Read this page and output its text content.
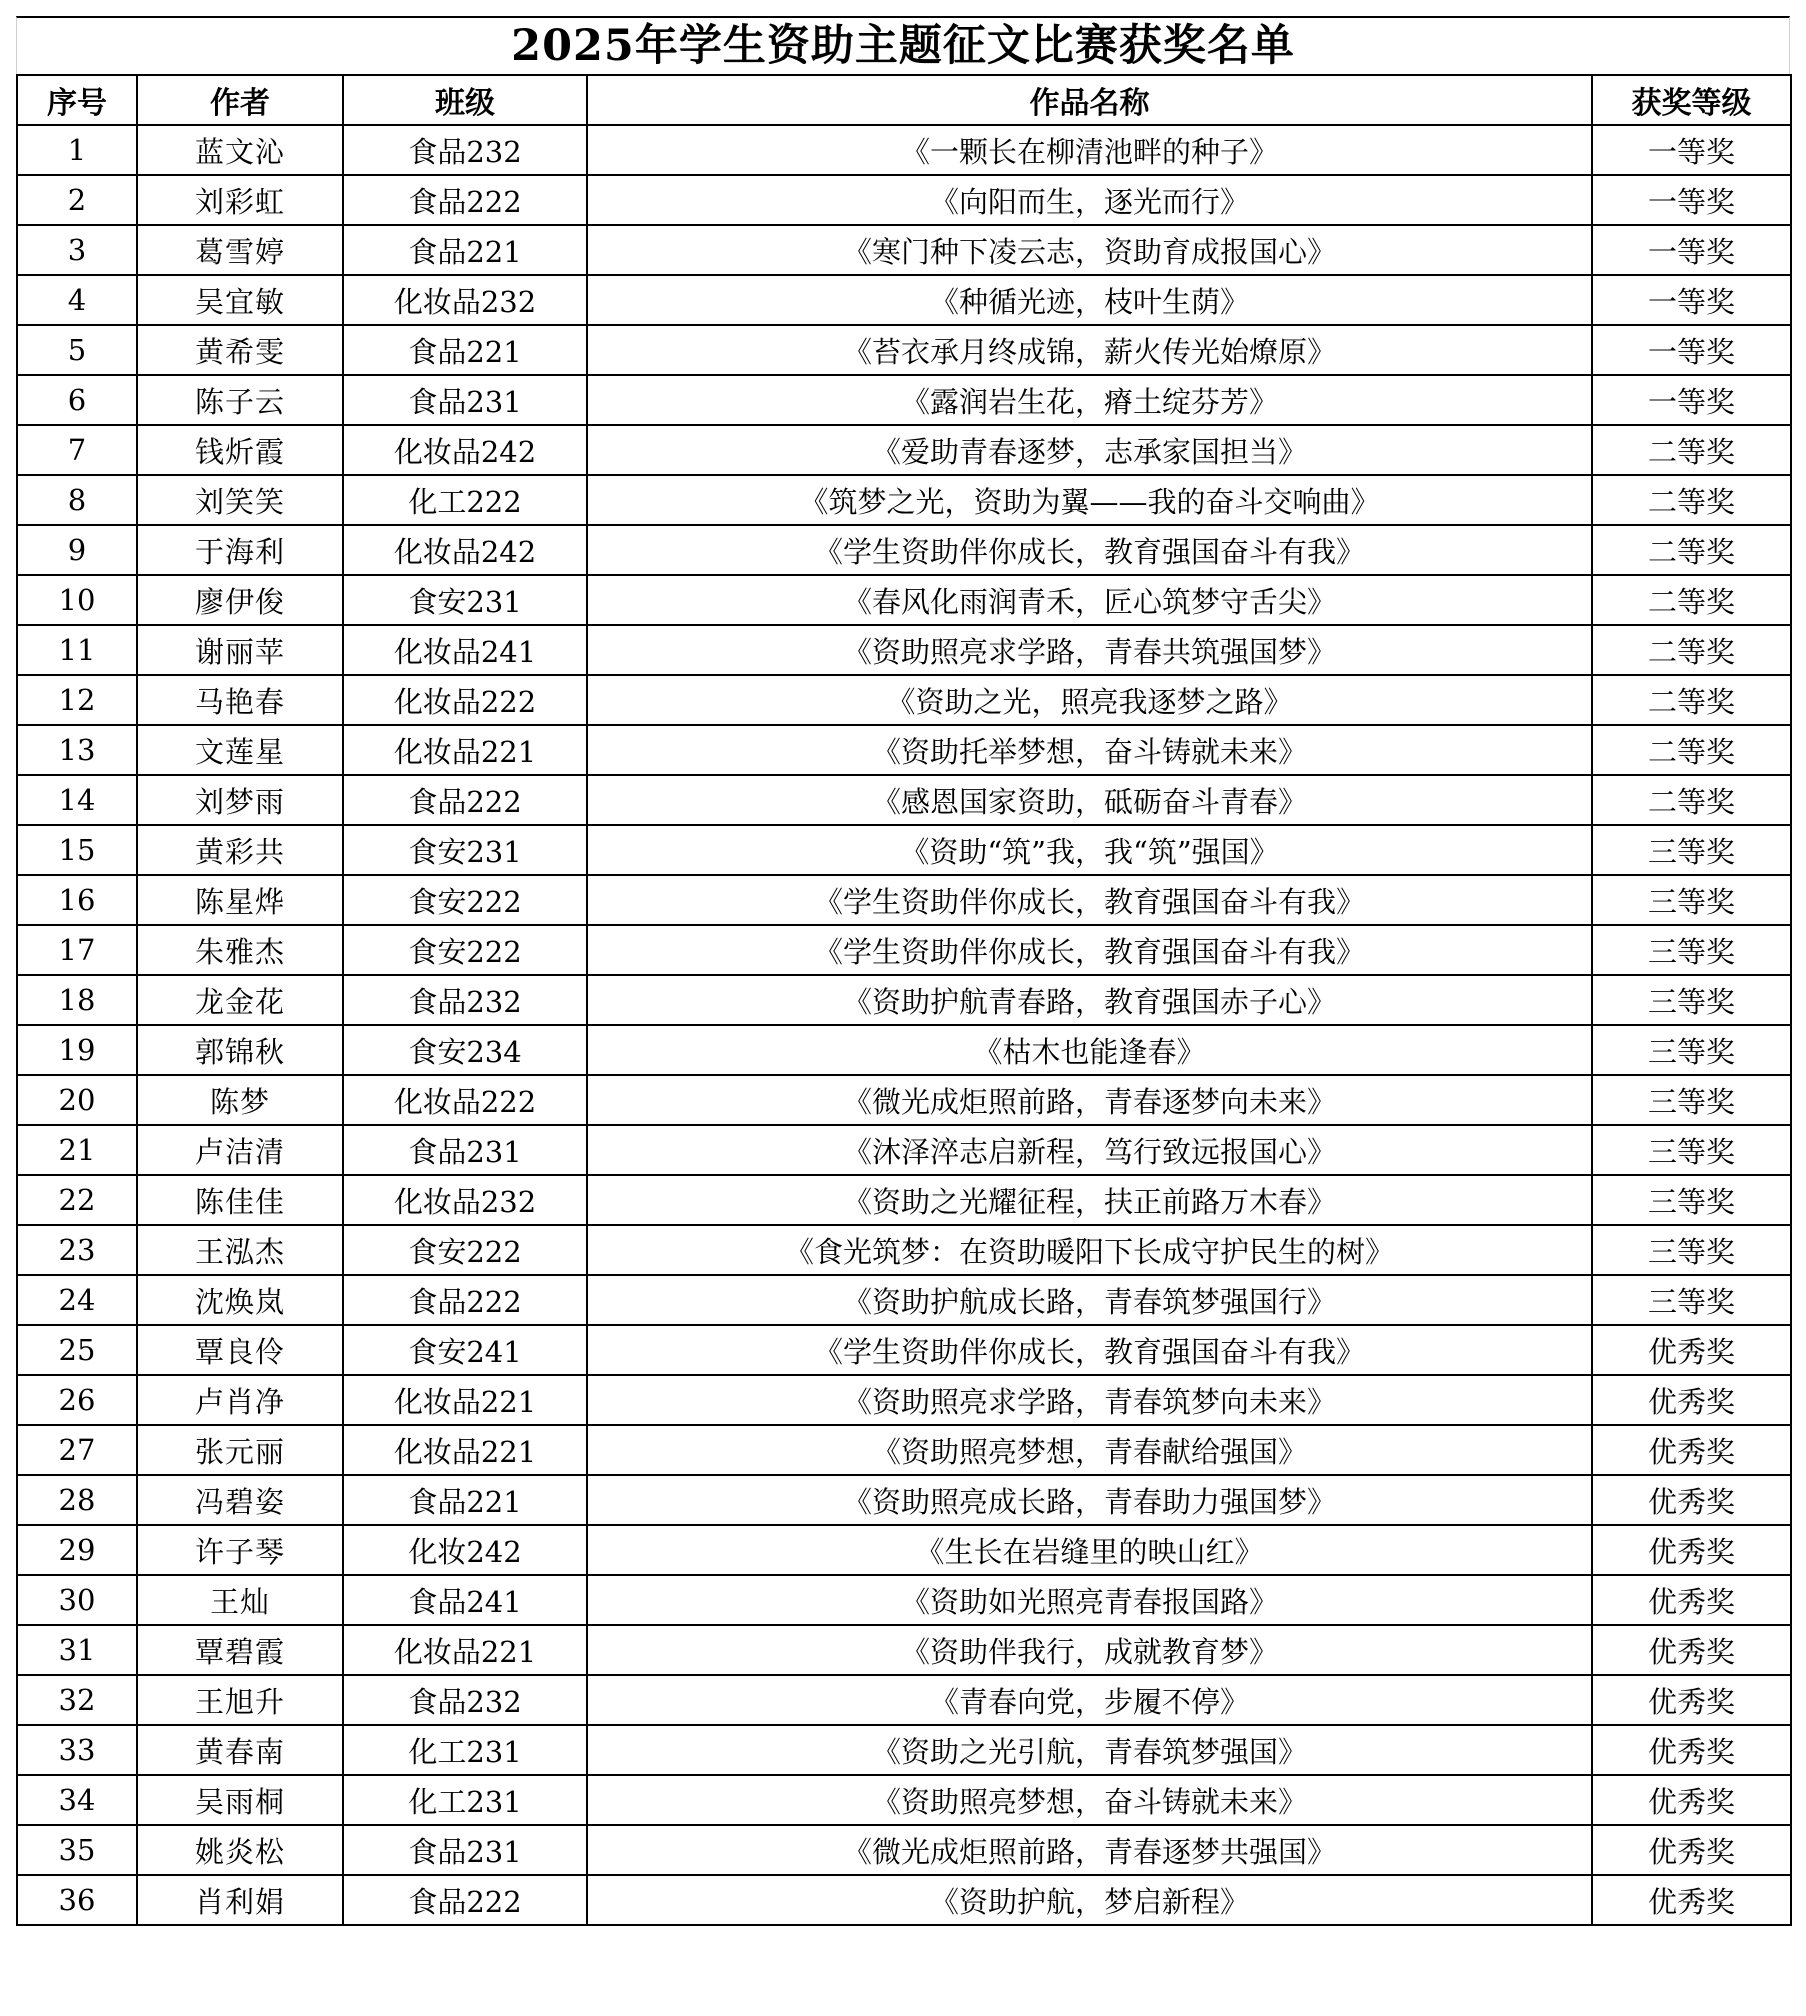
2025年学生资助主题征文比赛获奖名单
序号	作者	班级	作品名称	获奖等级
1	蓝文沁	食品232	《一颗长在柳清池畔的种子》	一等奖
2	刘彩虹	食品222	《向阳而生，逐光而行》	一等奖
3	葛雪婷	食品221	《寒门种下凌云志，资助育成报国心》	一等奖
4	吴宜敏	化妆品232	《种循光迹，枝叶生荫》	一等奖
5	黄希雯	食品221	《苔衣承月终成锦，薪火传光始燎原》	一等奖
6	陈子云	食品231	《露润岩生花，瘠土绽芬芳》	一等奖
7	钱炘霞	化妆品242	《爱助青春逐梦，志承家国担当》	二等奖
8	刘笑笑	化工222	《筑梦之光，资助为翼——我的奋斗交响曲》	二等奖
9	于海利	化妆品242	《学生资助伴你成长，教育强国奋斗有我》	二等奖
10	廖伊俊	食安231	《春风化雨润青禾，匠心筑梦守舌尖》	二等奖
11	谢丽苹	化妆品241	《资助照亮求学路，青春共筑强国梦》	二等奖
12	马艳春	化妆品222	《资助之光，照亮我逐梦之路》	二等奖
13	文莲星	化妆品221	《资助托举梦想，奋斗铸就未来》	二等奖
14	刘梦雨	食品222	《感恩国家资助，砥砺奋斗青春》	二等奖
15	黄彩共	食安231	《资助“筑”我，我“筑”强国》	三等奖
16	陈星烨	食安222	《学生资助伴你成长，教育强国奋斗有我》	三等奖
17	朱雅杰	食安222	《学生资助伴你成长，教育强国奋斗有我》	三等奖
18	龙金花	食品232	《资助护航青春路，教育强国赤子心》	三等奖
19	郭锦秋	食安234	《枯木也能逢春》	三等奖
20	陈梦	化妆品222	《微光成炬照前路，青春逐梦向未来》	三等奖
21	卢洁清	食品231	《沐泽淬志启新程，笃行致远报国心》	三等奖
22	陈佳佳	化妆品232	《资助之光耀征程，扶正前路万木春》	三等奖
23	王泓杰	食安222	《食光筑梦：在资助暖阳下长成守护民生的树》	三等奖
24	沈焕岚	食品222	《资助护航成长路，青春筑梦强国行》	三等奖
25	覃良伶	食安241	《学生资助伴你成长，教育强国奋斗有我》	优秀奖
26	卢肖净	化妆品221	《资助照亮求学路，青春筑梦向未来》	优秀奖
27	张元丽	化妆品221	《资助照亮梦想，青春献给强国》	优秀奖
28	冯碧姿	食品221	《资助照亮成长路，青春助力强国梦》	优秀奖
29	许子琴	化妆242	《生长在岩缝里的映山红》	优秀奖
30	王灿	食品241	《资助如光照亮青春报国路》	优秀奖
31	覃碧霞	化妆品221	《资助伴我行，成就教育梦》	优秀奖
32	王旭升	食品232	《青春向党，步履不停》	优秀奖
33	黄春南	化工231	《资助之光引航，青春筑梦强国》	优秀奖
34	吴雨桐	化工231	《资助照亮梦想，奋斗铸就未来》	优秀奖
35	姚炎松	食品231	《微光成炬照前路，青春逐梦共强国》	优秀奖
36	肖利娟	食品222	《资助护航，梦启新程》	优秀奖
